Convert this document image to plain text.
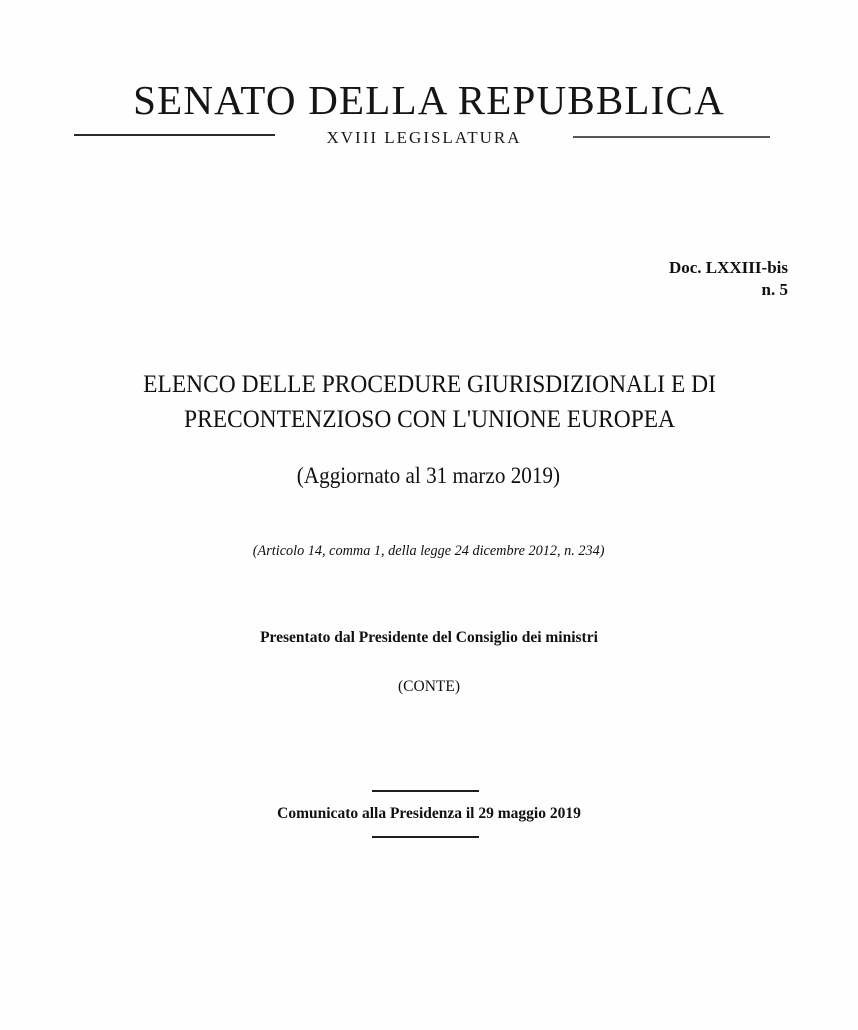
SENATO DELLA REPUBBLICA
XVIII LEGISLATURA
Doc. LXXIII-bis
n. 5
ELENCO DELLE PROCEDURE GIURISDIZIONALI E DI
PRECONTENZIOSO CON L'UNIONE EUROPEA
(Aggiornato al 31 marzo 2019)
(Articolo 14, comma 1, della legge 24 dicembre 2012, n. 234)
Presentato dal Presidente del Consiglio dei ministri
(CONTE)
Comunicato alla Presidenza il 29 maggio 2019
